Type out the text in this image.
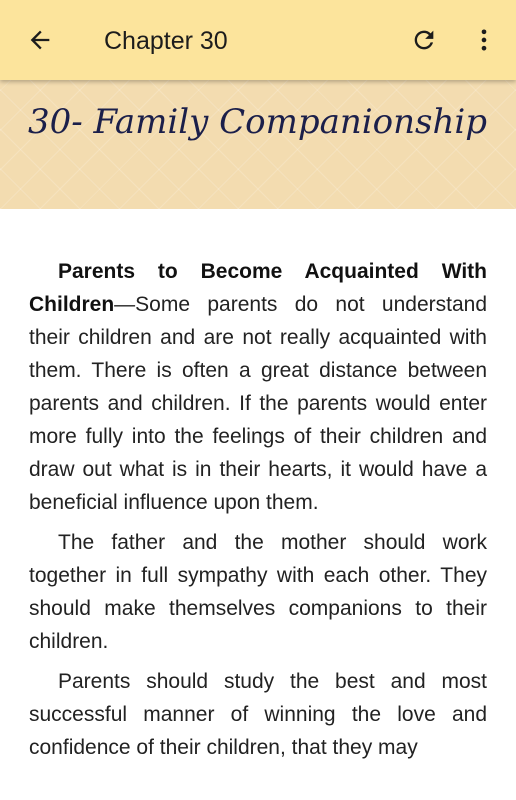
Chapter 30
30- Family Companionship

Parents to Become Acquainted With Children—Some parents do not understand their children and are not really acquainted with them. There is often a great distance between parents and children. If the parents would enter more fully into the feelings of their children and draw out what is in their hearts, it would have a beneficial influence upon them.

The father and the mother should work together in full sympathy with each other. They should make themselves companions to their children.

Parents should study the best and most successful manner of winning the love and confidence of their children, that they may
